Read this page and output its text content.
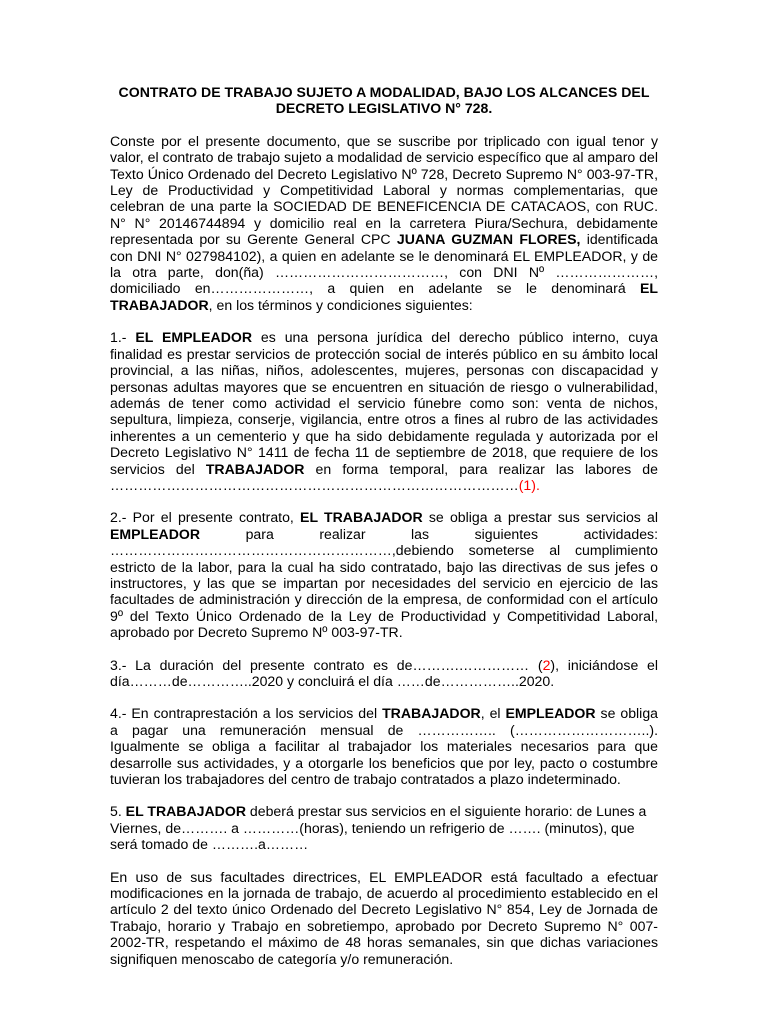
CONTRATO DE TRABAJO SUJETO A MODALIDAD, BAJO LOS ALCANCES DEL DECRETO LEGISLATIVO N° 728.

Conste por el presente documento, que se suscribe por triplicado con igual tenor y valor, el contrato de trabajo sujeto a modalidad de servicio específico que al amparo del Texto Único Ordenado del Decreto Legislativo Nº 728, Decreto Supremo N° 003-97-TR, Ley de Productividad y Competitividad Laboral y normas complementarias, que celebran de una parte la SOCIEDAD DE BENEFICENCIA DE CATACAOS, con RUC. N° N° 20146744894 y domicilio real en la carretera Piura/Sechura, debidamente representada por su Gerente General CPC JUANA GUZMAN FLORES, identificada con DNI N° 027984102), a quien en adelante se le denominará EL EMPLEADOR, y de la otra parte, don(ña) ………………………………, con DNI Nº …………………, domiciliado en…………………, a quien en adelante se le denominará EL TRABAJADOR, en los términos y condiciones siguientes:

1.- EL EMPLEADOR es una persona jurídica del derecho público interno, cuya finalidad es prestar servicios de protección social de interés público en su ámbito local provincial, a las niñas, niños, adolescentes, mujeres, personas con discapacidad y personas adultas mayores que se encuentren en situación de riesgo o vulnerabilidad, además de tener como actividad el servicio fúnebre como son: venta de nichos, sepultura, limpieza, conserje, vigilancia, entre otros a fines al rubro de las actividades inherentes a un cementerio y que ha sido debidamente regulada y autorizada por el Decreto Legislativo N° 1411 de fecha 11 de septiembre de 2018, que requiere de los servicios del TRABAJADOR en forma temporal, para realizar las labores de ……………………………………………………………………………(1).

2.- Por el presente contrato, EL TRABAJADOR se obliga a prestar sus servicios al EMPLEADOR para realizar las siguientes actividades: ……………………………………………………,debiendo someterse al cumplimiento estricto de la labor, para la cual ha sido contratado, bajo las directivas de sus jefes o instructores, y las que se impartan por necesidades del servicio en ejercicio de las facultades de administración y dirección de la empresa, de conformidad con el artículo 9º del Texto Único Ordenado de la Ley de Productividad y Competitividad Laboral, aprobado por Decreto Supremo Nº 003-97-TR.

3.- La duración del presente contrato es de……….…………… (2), iniciándose el día………de…………..2020 y concluirá el día ……de……………..2020.

4.- En contraprestación a los servicios del TRABAJADOR, el EMPLEADOR se obliga a pagar una remuneración mensual de …………….. (………………………..). Igualmente se obliga a facilitar al trabajador los materiales necesarios para que desarrolle sus actividades, y a otorgarle los beneficios que por ley, pacto o costumbre tuvieran los trabajadores del centro de trabajo contratados a plazo indeterminado.

5. EL TRABAJADOR deberá prestar sus servicios en el siguiente horario: de Lunes a Viernes, de………. a …………(horas), teniendo un refrigerio de ……. (minutos), que será tomado de ……….a………

En uso de sus facultades directrices, EL EMPLEADOR está facultado a efectuar modificaciones en la jornada de trabajo, de acuerdo al procedimiento establecido en el artículo 2 del texto único Ordenado del Decreto Legislativo N° 854, Ley de Jornada de Trabajo, horario y Trabajo en sobretiempo, aprobado por Decreto Supremo N° 007-2002-TR, respetando el máximo de 48 horas semanales, sin que dichas variaciones signifiquen menoscabo de categoría y/o remuneración.
